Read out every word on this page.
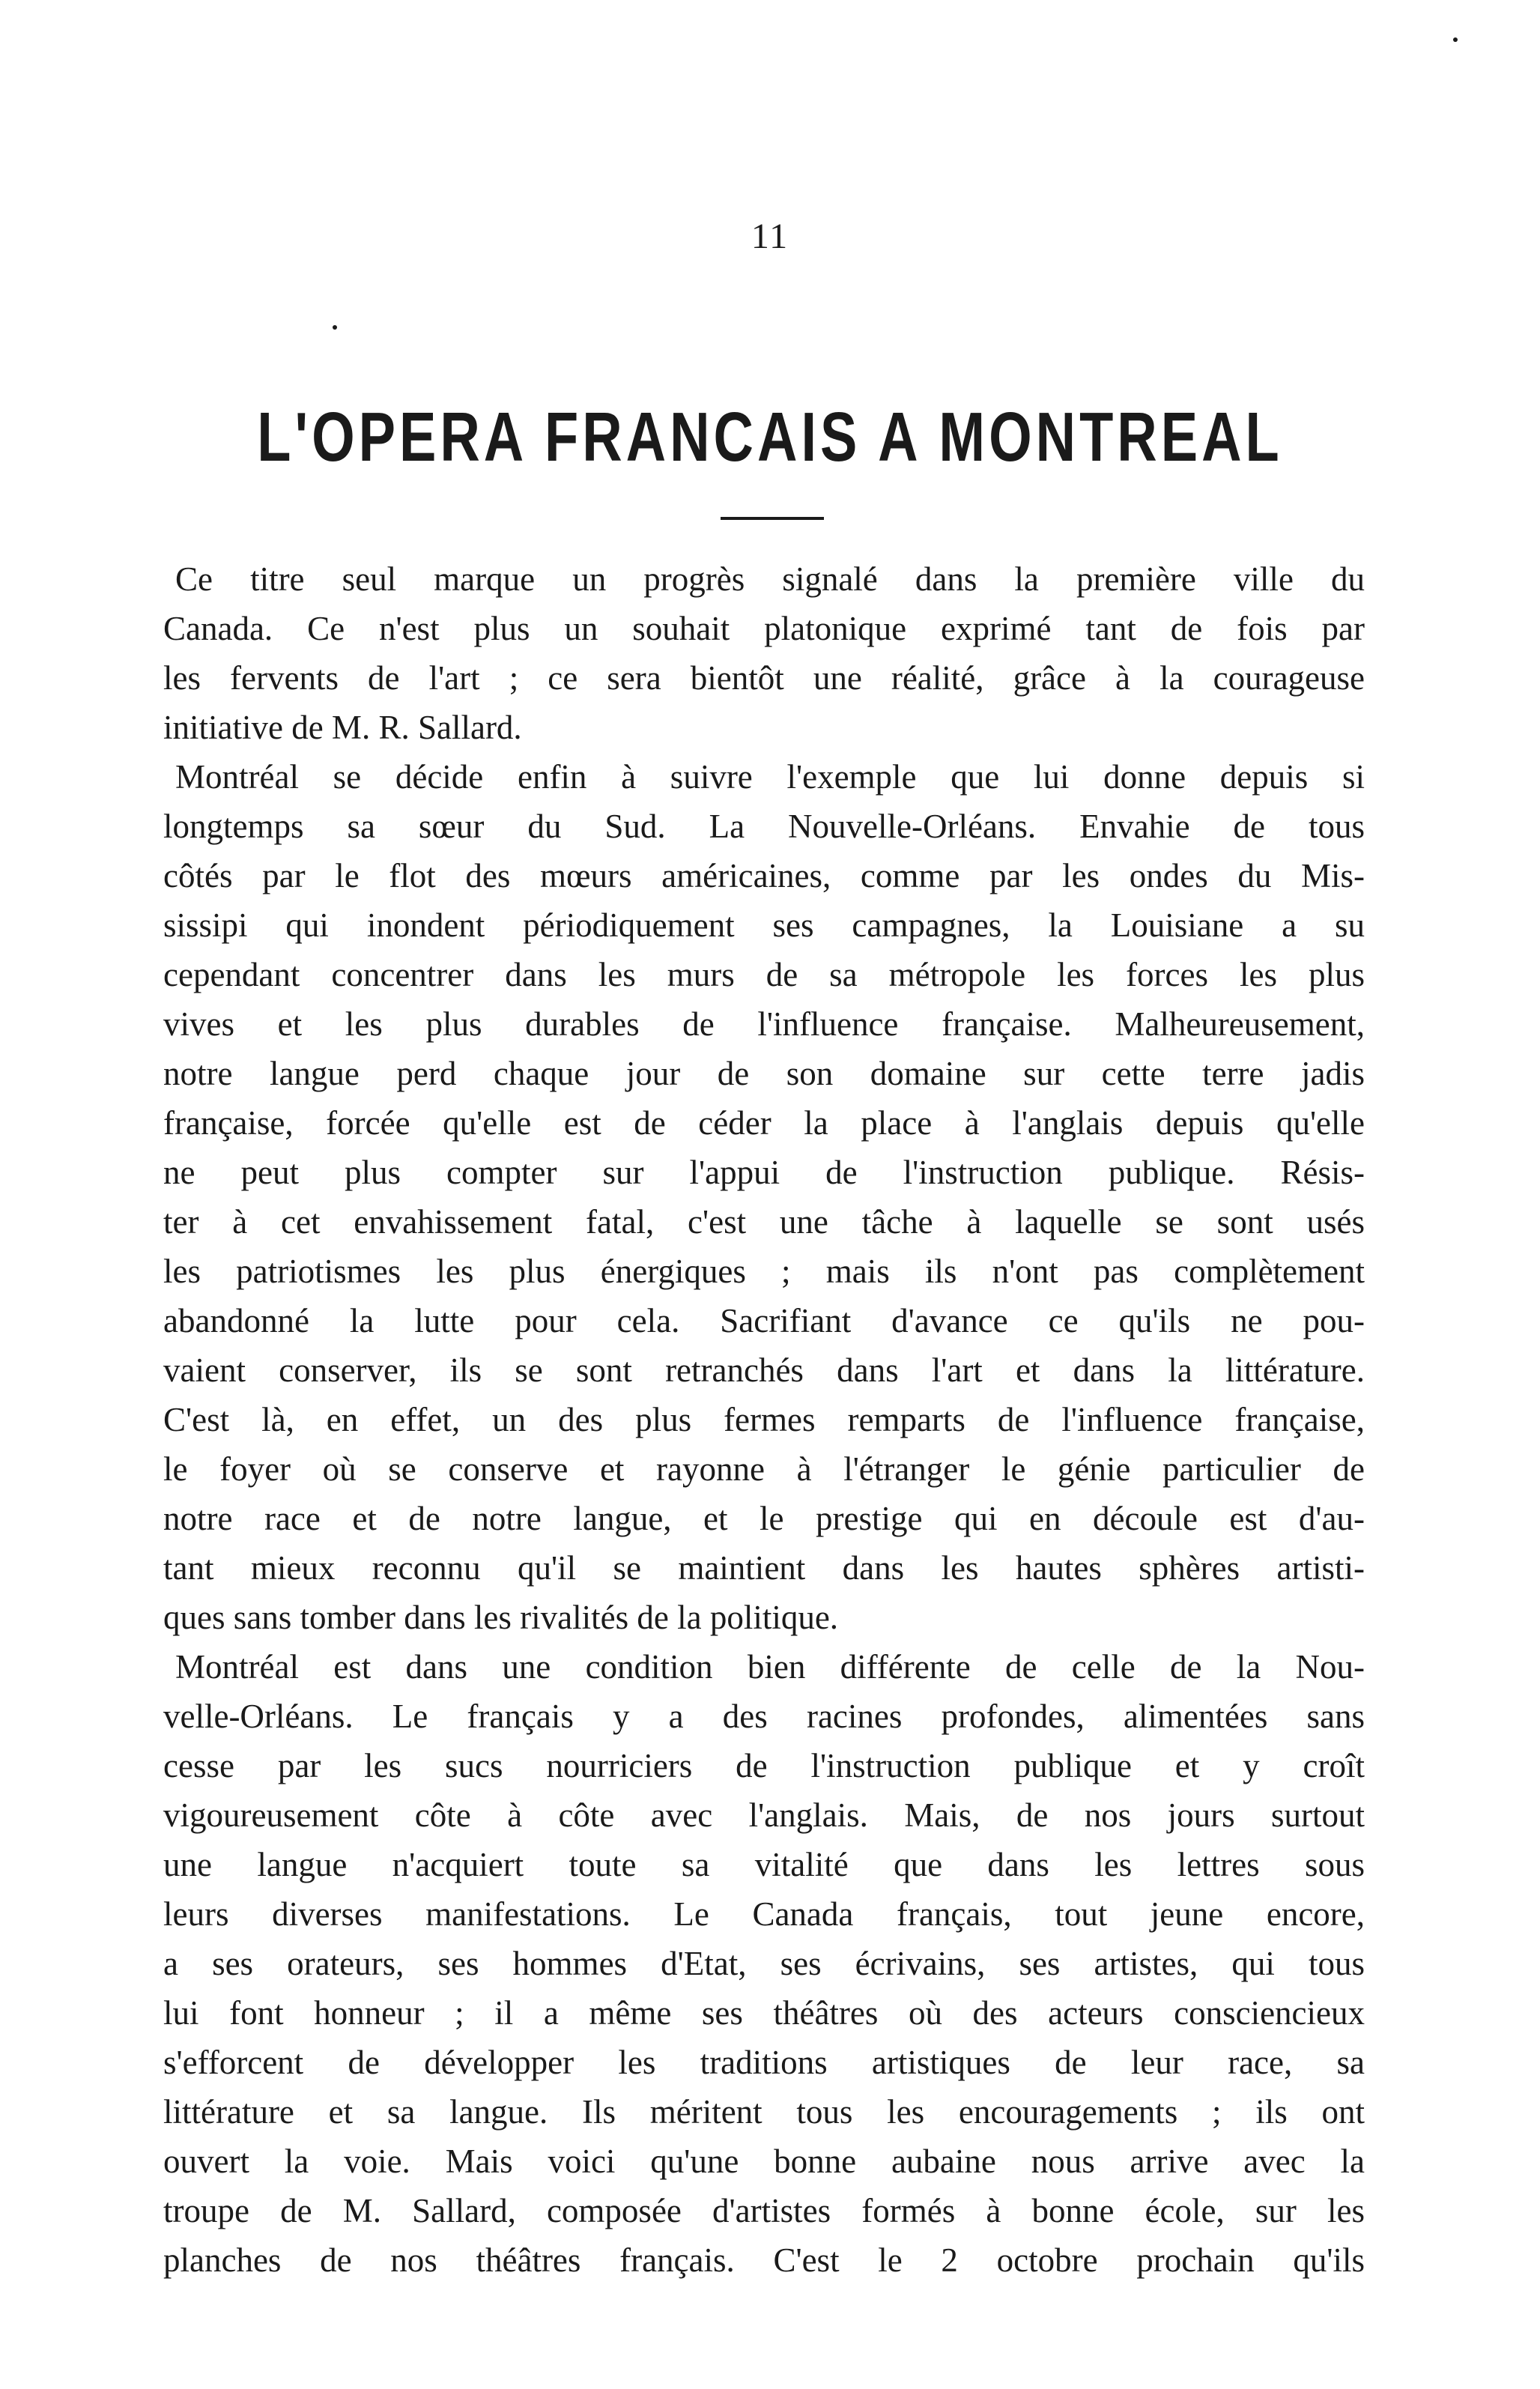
11
L'OPERA FRANCAIS A MONTREAL
Ce titre seul marque un progrès signalé dans la première ville du
Canada. Ce n'est plus un souhait platonique exprimé tant de fois par
les fervents de l'art ; ce sera bientôt une réalité, grâce à la courageuse
initiative de M. R. Sallard.
Montréal se décide enfin à suivre l'exemple que lui donne depuis si
longtemps sa sœur du Sud. La Nouvelle-Orléans. Envahie de tous
côtés par le flot des mœurs américaines, comme par les ondes du Mis-
sissipi qui inondent périodiquement ses campagnes, la Louisiane a su
cependant concentrer dans les murs de sa métropole les forces les plus
vives et les plus durables de l'influence française. Malheureusement,
notre langue perd chaque jour de son domaine sur cette terre jadis
française, forcée qu'elle est de céder la place à l'anglais depuis qu'elle
ne peut plus compter sur l'appui de l'instruction publique. Résis-
ter à cet envahissement fatal, c'est une tâche à laquelle se sont usés
les patriotismes les plus énergiques ; mais ils n'ont pas complètement
abandonné la lutte pour cela. Sacrifiant d'avance ce qu'ils ne pou-
vaient conserver, ils se sont retranchés dans l'art et dans la littérature.
C'est là, en effet, un des plus fermes remparts de l'influence française,
le foyer où se conserve et rayonne à l'étranger le génie particulier de
notre race et de notre langue, et le prestige qui en découle est d'au-
tant mieux reconnu qu'il se maintient dans les hautes sphères artisti-
ques sans tomber dans les rivalités de la politique.
Montréal est dans une condition bien différente de celle de la Nou-
velle-Orléans. Le français y a des racines profondes, alimentées sans
cesse par les sucs nourriciers de l'instruction publique et y croît
vigoureusement côte à côte avec l'anglais. Mais, de nos jours surtout
une langue n'acquiert toute sa vitalité que dans les lettres sous
leurs diverses manifestations. Le Canada français, tout jeune encore,
a ses orateurs, ses hommes d'Etat, ses écrivains, ses artistes, qui tous
lui font honneur ; il a même ses théâtres où des acteurs consciencieux
s'efforcent de développer les traditions artistiques de leur race, sa
littérature et sa langue. Ils méritent tous les encouragements ; ils ont
ouvert la voie. Mais voici qu'une bonne aubaine nous arrive avec la
troupe de M. Sallard, composée d'artistes formés à bonne école, sur les
planches de nos théâtres français. C'est le 2 octobre prochain qu'ils
